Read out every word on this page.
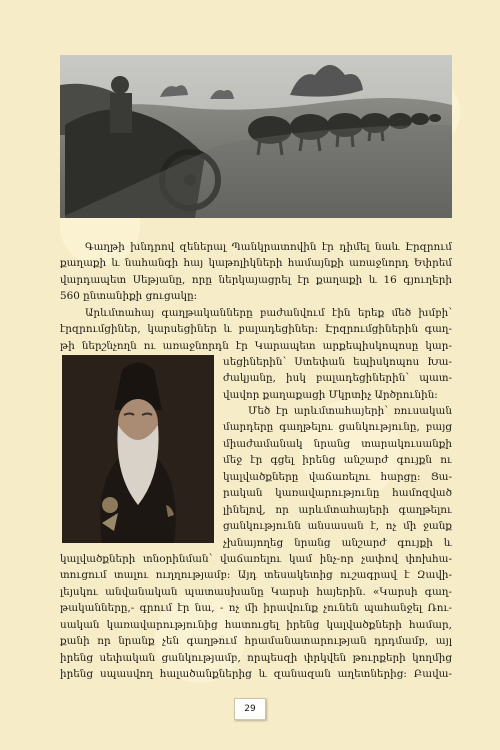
Գաղթի խնդրով զեներալ Պանկրատովին էր դիմել նաև Էրզրում
քաղաքի և նահանգի հայ կաթոլիկների համայնքի առաջնորդ Եփրեմ
վարդապետ Սեթյանը, որը ներկայացրել էր քաղաքի և 16 գյուղերի
560 ընտանիքի ցուցակը:
Արևմտահայ գաղթականները բաժանվում էին երեք մեծ խմբի՝
էրզրումցիներ, կարսեցիներ և բալադեցիներ: Էրզրումցիներին գաղ-
թի ներշնչողն ու առաջնորդն էր Կարապետ արքեպիսկոպոսը կար-
սեցիներին՝ Ստեփան եպիսկոպոս Խա-
ժակյանը, իսկ բալադեցիներին՝ պատ-
վավոր քաղաքացի Մկրտիչ Արծրունին:
Մեծ էր արևմտահայերի՝ ռուսական
մարդերը գաղթելու ցանկությունը, բայց
միաժամանակ նրանց տարակուսանքի
մեջ էր գցել իրենց անշարժ գույքն ու
կալվածքները վաճառելու հարցը: Ցա-
րական կառավարությունը համոզված
լինելով, որ արևմտահայերի գաղթելու
ցանկությունն անսասան է, ոչ մի ջանք
չխնայողեց նրանց անշարժ գույքի և
կալվածքների տնօրինման՝ վաճառելու կամ ինչ-որ չափով փոխհա-
տուցում տալու ուղղությամբ: Այդ տեսակետից ուշագրավ է Զավի-
լեյսկու անվանական պատասխանը Կարսի հայերին. «Կարսի գաղ-
թականները,- գրում էր նա, - ոչ մի իրավունք չունեն պահանջել Ռու-
սական կառավարությունից հատուցել իրենց կալվածքների համար,
քանի որ նրանք չեն գաղթում հրամանատարության դրդմամբ, այլ
իրենց սեփական ցանկությամբ, որպեսզի փրկվեն թուրքերի կողմից
իրենց սպասվող հալածանքներից և զանազան աղետներից: Բավա-
29
